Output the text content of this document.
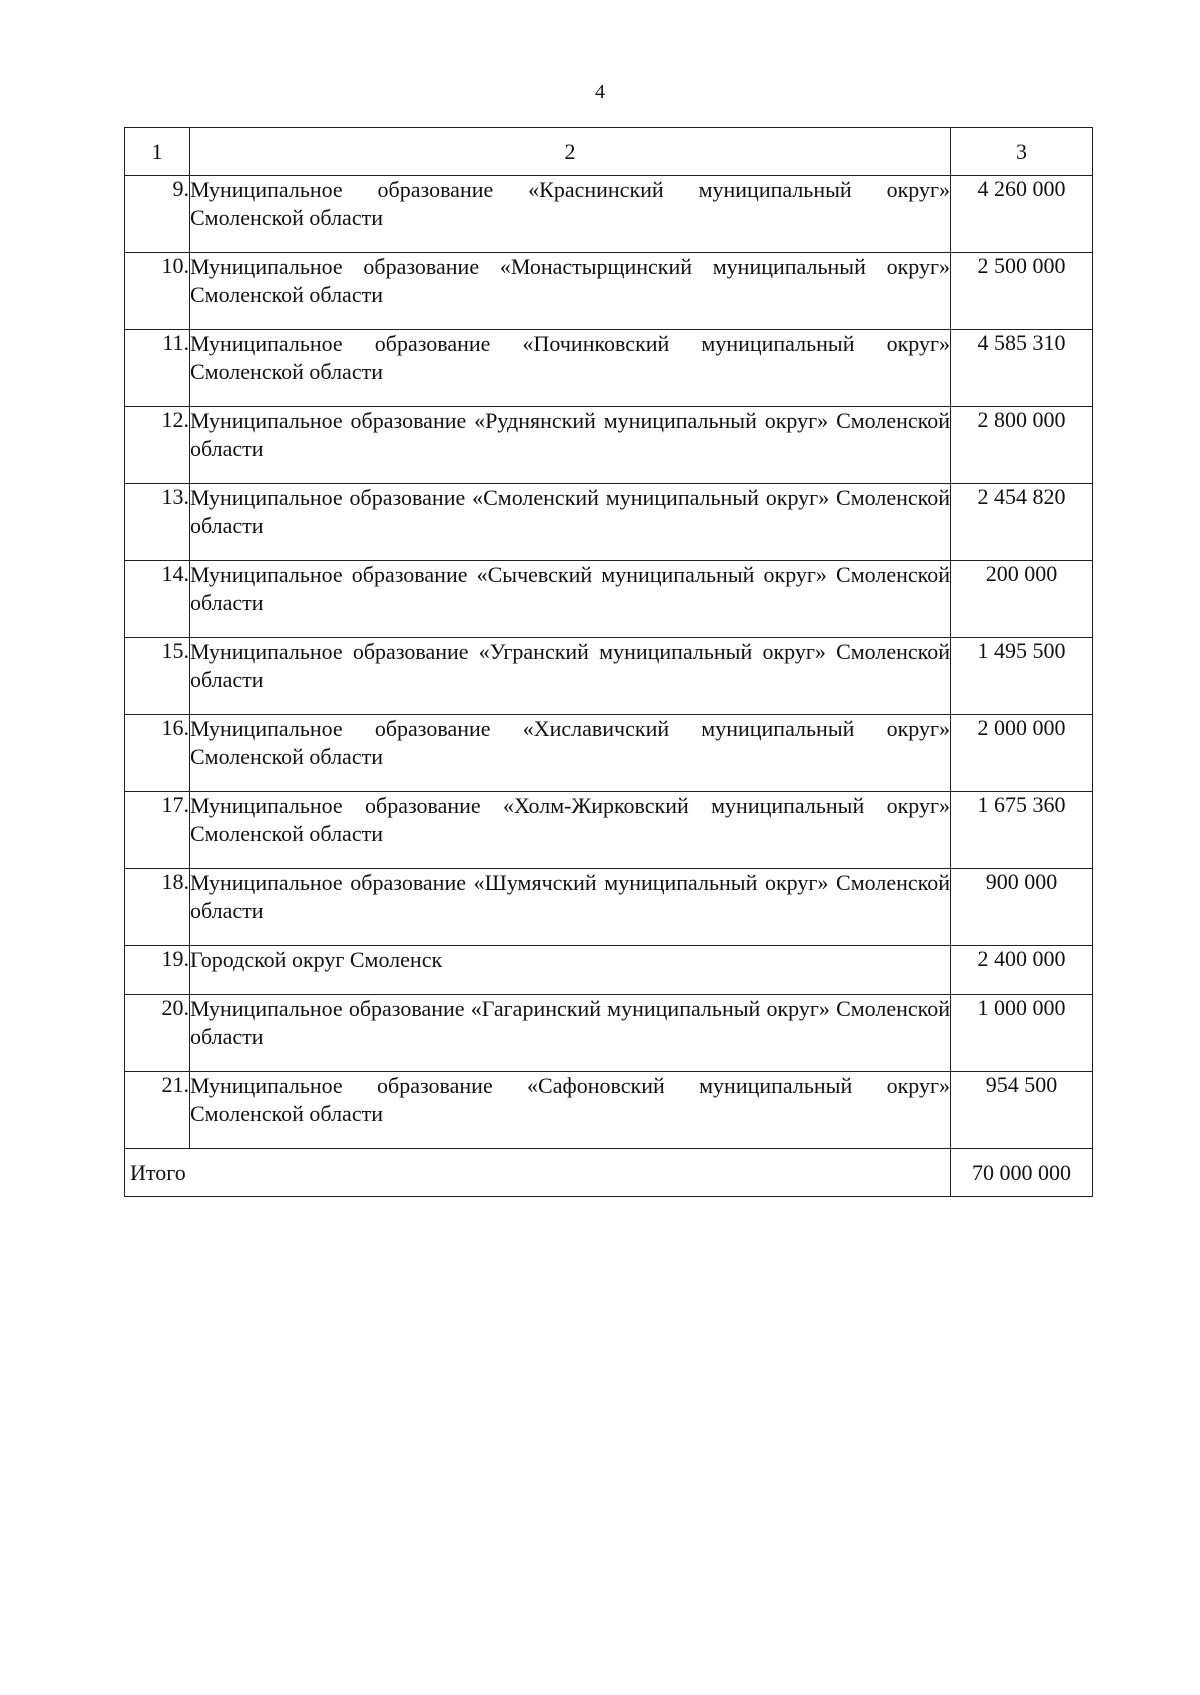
4
1	2	3
9.	Муниципальное образование «Краснинский муниципальный округ» Смоленской области	4 260 000
10.	Муниципальное образование «Монастырщинский муниципальный округ» Смоленской области	2 500 000
11.	Муниципальное образование «Починковский муниципальный округ» Смоленской области	4 585 310
12.	Муниципальное образование «Руднянский муниципальный округ» Смоленской области	2 800 000
13.	Муниципальное образование «Смоленский муниципальный округ» Смоленской области	2 454 820
14.	Муниципальное образование «Сычевский муниципальный округ» Смоленской области	200 000
15.	Муниципальное образование «Угранский муниципальный округ» Смоленской области	1 495 500
16.	Муниципальное образование «Хиславичский муниципальный округ» Смоленской области	2 000 000
17.	Муниципальное образование «Холм-Жирковский муниципальный округ» Смоленской области	1 675 360
18.	Муниципальное образование «Шумячский муниципальный округ» Смоленской области	900 000
19.	Городской округ Смоленск	2 400 000
20.	Муниципальное образование «Гагаринский муниципальный округ» Смоленской области	1 000 000
21.	Муниципальное образование «Сафоновский муниципальный округ» Смоленской области	954 500
Итого		70 000 000
